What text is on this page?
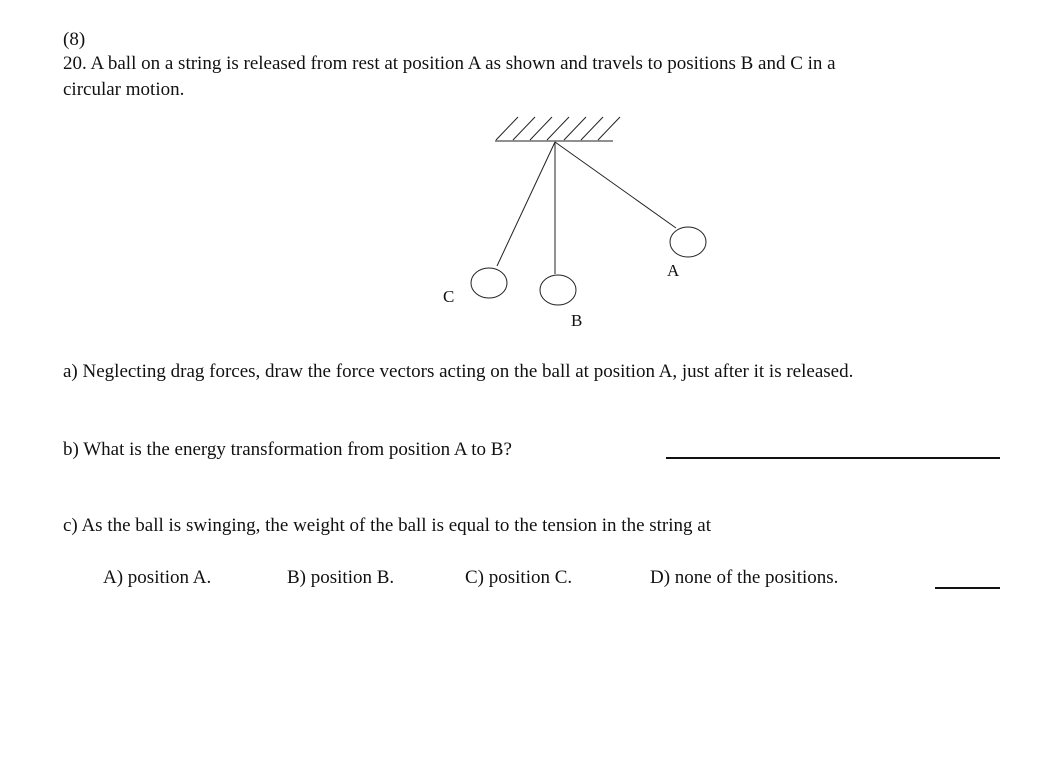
(8)
20. A ball on a string is released from rest at position A as shown and travels to positions B and C in a
circular motion.
A
B
C
a) Neglecting drag forces, draw the force vectors acting on the ball at position A, just after it is released.
b) What is the energy transformation from position A to B?
c) As the ball is swinging, the weight of the ball is equal to the tension in the string at
A) position A.	B) position B.	C) position C.	D) none of the positions.
